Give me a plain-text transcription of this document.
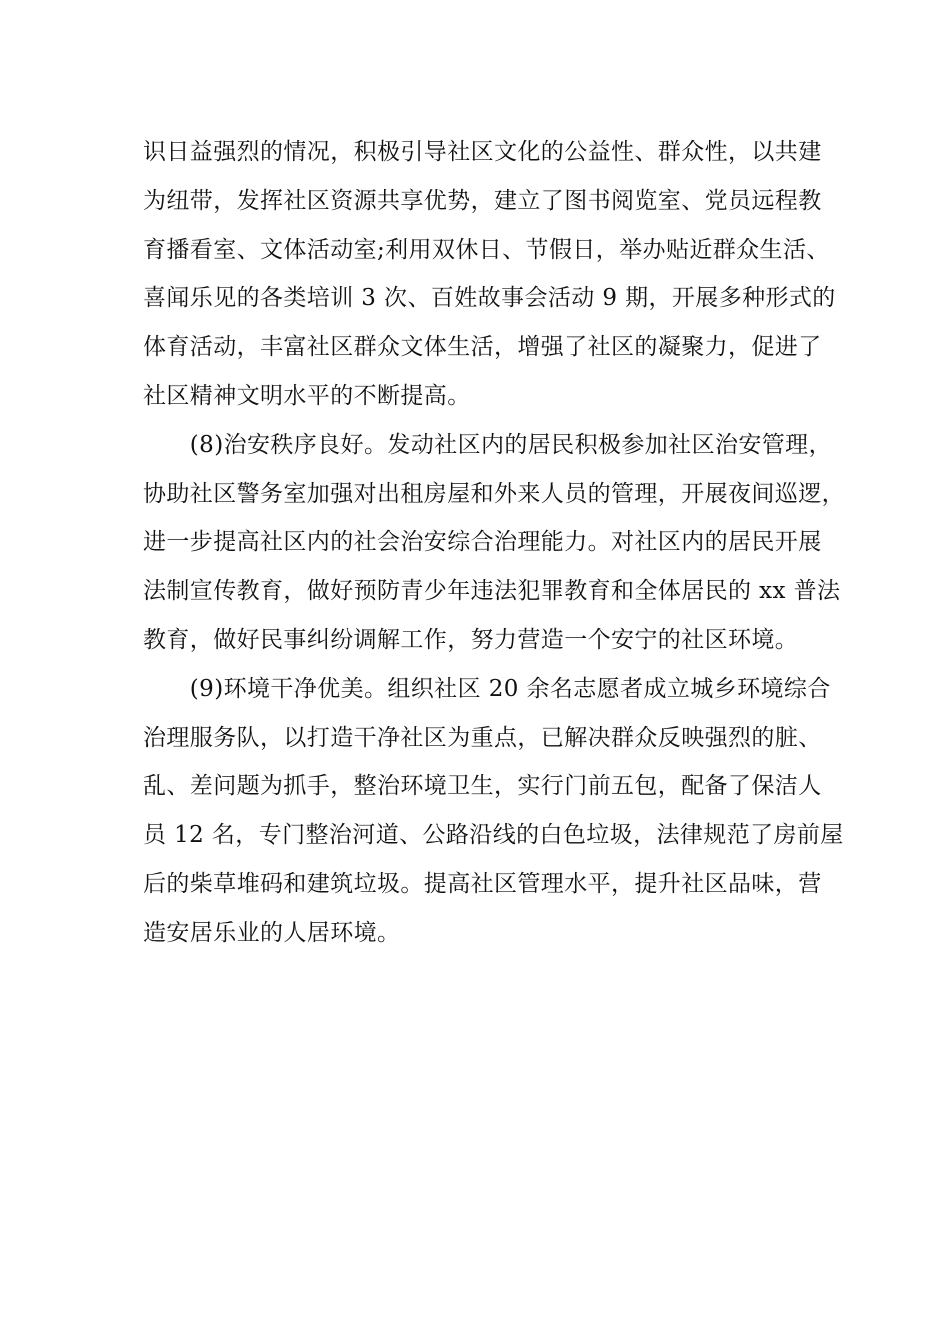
识日益强烈的情况，积极引导社区文化的公益性、群众性，以共建
为纽带，发挥社区资源共享优势，建立了图书阅览室、党员远程教
育播看室、文体活动室;利用双休日、节假日，举办贴近群众生活、
喜闻乐见的各类培训 3 次、百姓故事会活动 9 期，开展多种形式的
体育活动，丰富社区群众文体生活，增强了社区的凝聚力，促进了
社区精神文明水平的不断提高。
　　(8)治安秩序良好。发动社区内的居民积极参加社区治安管理，
协助社区警务室加强对出租房屋和外来人员的管理，开展夜间巡逻，
进一步提高社区内的社会治安综合治理能力。对社区内的居民开展
法制宣传教育，做好预防青少年违法犯罪教育和全体居民的 xx 普法
教育，做好民事纠纷调解工作，努力营造一个安宁的社区环境。
　　(9)环境干净优美。组织社区 20 余名志愿者成立城乡环境综合
治理服务队，以打造干净社区为重点，已解决群众反映强烈的脏、
乱、差问题为抓手，整治环境卫生，实行门前五包，配备了保洁人
员 12 名，专门整治河道、公路沿线的白色垃圾，法律规范了房前屋
后的柴草堆码和建筑垃圾。提高社区管理水平，提升社区品味，营
造安居乐业的人居环境。
